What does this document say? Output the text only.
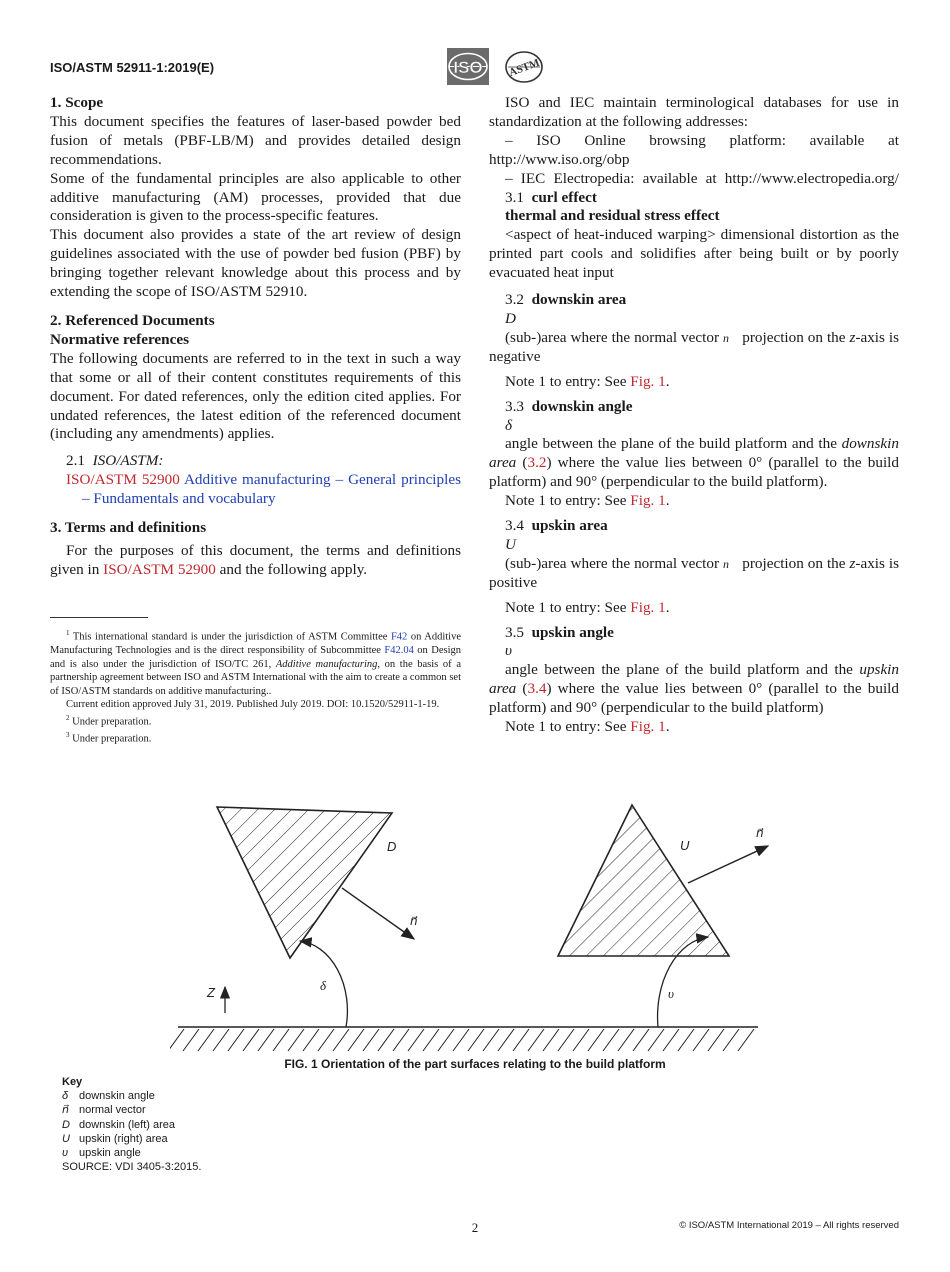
ISO/ASTM 52911-1:2019(E)	ISO ASTM

1. Scope

This document specifies the features of laser-based powder bed fusion of metals (PBF-LB/M) and provides detailed design recommendations.

Some of the fundamental principles are also applicable to other additive manufacturing (AM) processes, provided that due consideration is given to the process-specific features.

This document also provides a state of the art review of design guidelines associated with the use of powder bed fusion (PBF) by bringing together relevant knowledge about this process and by extending the scope of ISO/ASTM 52910.

2. Referenced Documents

Normative references

The following documents are referred to in the text in such a way that some or all of their content constitutes requirements of this document. For dated references, only the edition cited applies. For undated references, the latest edition of the referenced document (including any amendments) applies.

2.1 ISO/ASTM:

ISO/ASTM 52900 Additive manufacturing – General principles – Fundamentals and vocabulary

3. Terms and definitions

For the purposes of this document, the terms and definitions given in ISO/ASTM 52900 and the following apply.

$^1$ This international standard is under the jurisdiction of ASTM Committee F42 on Additive Manufacturing Technologies and is the direct responsibility of Subcommittee F42.04 on Design and is also under the jurisdiction of ISO/TC 261, Additive manufacturing, on the basis of a partnership agreement between ISO and ASTM International with the aim to create a common set of ISO/ASTM standards on additive manufacturing..

Current edition approved July 31, 2019. Published July 2019. DOI: 10.1520/52911-1-19.

$^2$ Under preparation.

$^3$ Under preparation.

ISO and IEC maintain terminological databases for use in standardization at the following addresses:

– ISO Online browsing platform: available at http://www.iso.org/obp

– IEC Electropedia: available at http://www.electropedia.org/

3.1 curl effect

thermal and residual stress effect

<aspect of heat-induced warping> dimensional distortion as the printed part cools and solidifies after being built or by poorly evacuated heat input

3.2 downskin area

D

(sub-)area where the normal vector n⃗ projection on the z-axis is negative

Note 1 to entry: See Fig. 1.

3.3 downskin angle

δ

angle between the plane of the build platform and the downskin area (3.2) where the value lies between 0° (parallel to the build platform) and 90° (perpendicular to the build platform).

Note 1 to entry: See Fig. 1.

3.4 upskin area

U

(sub-)area where the normal vector n⃗ projection on the z-axis is positive

Note 1 to entry: See Fig. 1.

3.5 upskin angle

υ

angle between the plane of the build platform and the upskin area (3.4) where the value lies between 0° (parallel to the build platform) and 90° (perpendicular to the build platform)

Note 1 to entry: See Fig. 1.

D
n⃗
δ
Z
U
n⃗
υ
FIG. 1 Orientation of the part surfaces relating to the build platform

Key

δ downskin angle

n⃗ normal vector

D downskin (left) area

U upskin (right) area

υ upskin angle

SOURCE: VDI 3405-3:2015.

2	© ISO/ASTM International 2019 – All rights reserved
